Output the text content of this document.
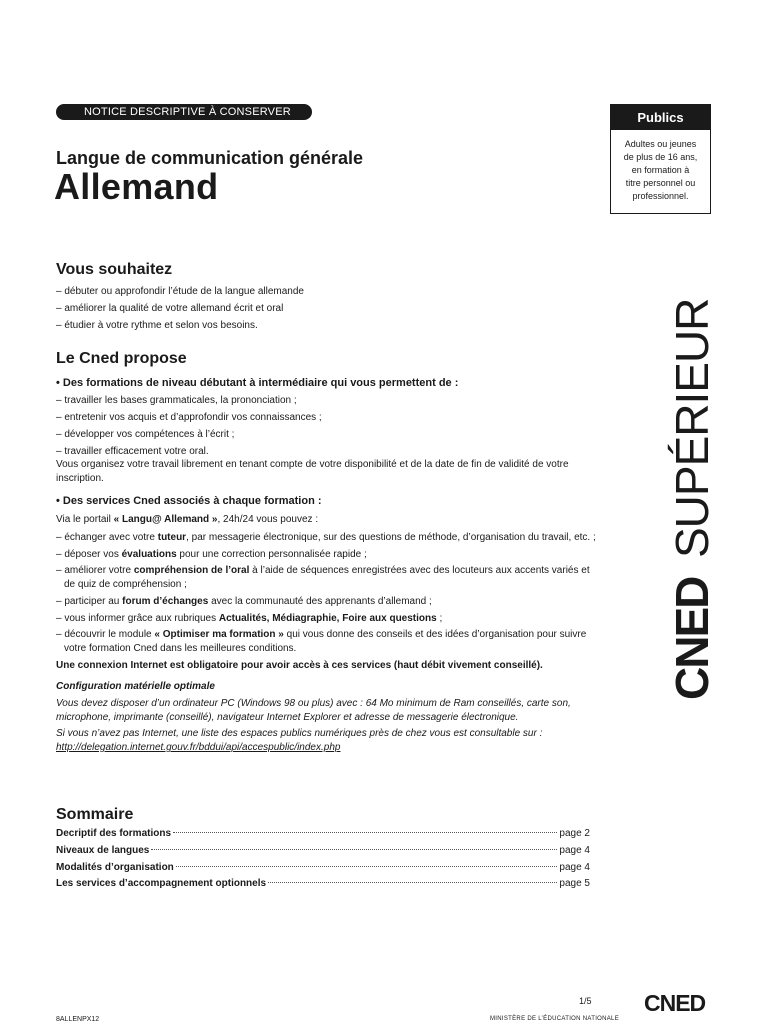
NOTICE DESCRIPTIVE À CONSERVER
Langue de communication générale
Allemand
Publics
Adultes ou jeunes
de plus de 16 ans,
en formation à
titre personnel ou
professionnel.
CNED
SUPÉRIEUR
Vous souhaitez
– débuter ou approfondir l’étude de la langue allemande
– améliorer la qualité de votre allemand écrit et oral
– étudier à votre rythme et selon vos besoins.
Le Cned propose
• Des formations de niveau débutant à intermédiaire qui vous permettent de :
– travailler les bases grammaticales, la prononciation ;
– entretenir vos acquis et d’approfondir vos connaissances ;
– développer vos compétences à l’écrit ;
– travailler efficacement votre oral.
Vous organisez votre travail librement en tenant compte de votre disponibilité et de la date de fin de validité de votre inscription.
• Des services Cned associés à chaque formation :
Via le portail « Langu@ Allemand », 24h/24 vous pouvez :
– échanger avec votre tuteur, par messagerie électronique, sur des questions de méthode, d’organisation du travail, etc. ;
– déposer vos évaluations pour une correction personnalisée rapide ;
– améliorer votre compréhension de l’oral à l’aide de séquences enregistrées avec des locuteurs aux accents variés et de quiz de compréhension ;
– participer au forum d’échanges avec la communauté des apprenants d’allemand ;
– vous informer grâce aux rubriques Actualités, Médiagraphie, Foire aux questions ;
– découvrir le module « Optimiser ma formation » qui vous donne des conseils et des idées d’organisation pour suivre votre formation Cned dans les meilleures conditions.
Une connexion Internet est obligatoire pour avoir accès à ces services (haut débit vivement conseillé).
Configuration matérielle optimale
Vous devez disposer d’un ordinateur PC (Windows 98 ou plus) avec : 64 Mo minimum de Ram conseillés, carte son, microphone, imprimante (conseillé), navigateur Internet Explorer et adresse de messagerie électronique.
Si vous n’avez pas Internet, une liste des espaces publics numériques près de chez vous est consultable sur :
http://delegation.internet.gouv.fr/bddui/api/accespublic/index.php
Sommaire
Decriptif des formations	page 2
Niveaux de langues	page 4
Modalités d’organisation	page 4
Les services d’accompagnement optionnels	page 5
1/5
8ALLENPX12	MINISTÈRE DE L’ÉDUCATION NATIONALE
CNED
